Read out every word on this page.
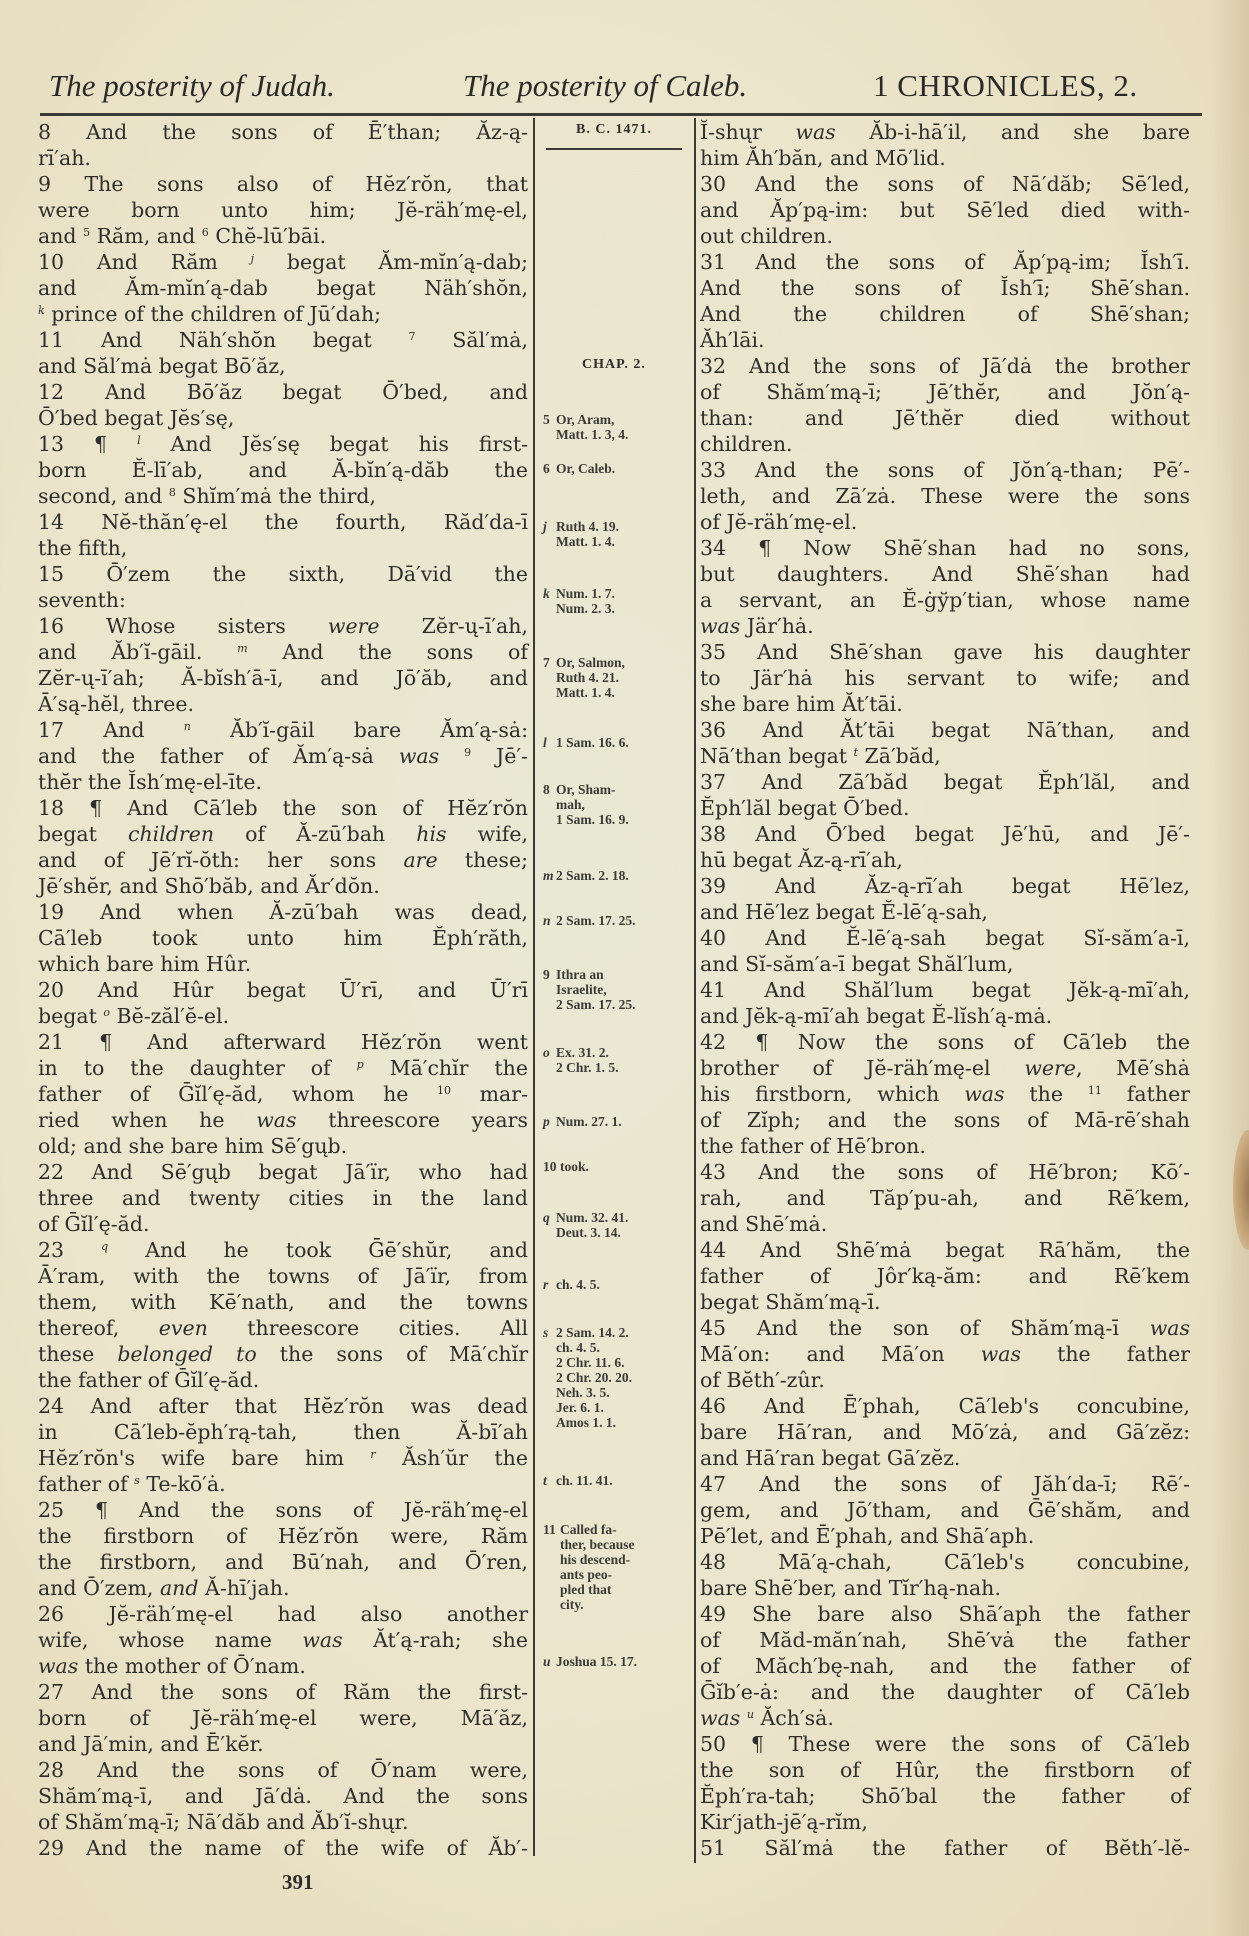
The posterity of Judah.	The posterity of Caleb.	1 CHRONICLES, 2.
8 And the sons of Ē′than; Ăz-ą-
rī′ah.
9 The sons also of Hĕz′rŏn, that
were born unto him; Jĕ-räh′mę-el,
and $^5$ Răm, and $^6$ Chĕ-lū′bāi.
10 And Răm $^j$ begat Ăm-mĭn′ą-dab;
and Ăm-mĭn′ą-dab begat Näh′shŏn,
$^k$ prince of the children of Jū′dah;
11 And Näh′shŏn begat $^7$ Săl′mȧ,
and Săl′mȧ begat Bō′ăz,
12 And Bō′ăz begat Ō′bed, and
Ō′bed begat Jĕs′sę,
13 ¶ $^l$ And Jĕs′sę begat his first-
born Ĕ-lī′ab, and Ă-bĭn′ą-dăb the
second, and $^8$ Shĭm′mȧ the third,
14 Nĕ-thăn′ę-el the fourth, Răd′da-ī
the fifth,
15 Ō′zem the sixth, Dā′vid the
seventh:
16 Whose sisters were Zĕr-ų-ī′ah,
and Ăb′ĭ-gāil. $^m$ And the sons of
Zĕr-ų-ī′ah; Ă-bĭsh′ā-ī, and Jō′ăb, and
Ā′są-hĕl, three.
17 And $^n$ Ăb′ĭ-gāil bare Ăm′ą-sȧ:
and the father of Ăm′ą-sȧ was $^9$ Jē′-
thĕr the Ĭsh′mę-el-īte.
18 ¶ And Cā′leb the son of Hĕz′rŏn
begat children of Ă-zū′bah his wife,
and of Jē′rĭ-ŏth: her sons are these;
Jē′shĕr, and Shō′băb, and Ăr′dŏn.
19 And when Ă-zū′bah was dead,
Cā′leb took unto him Ĕph′răth,
which bare him Hûr.
20 And Hûr begat Ū′rī, and Ū′rī
begat $^o$ Bĕ-zăl′ĕ-el.
21 ¶ And afterward Hĕz′rŏn went
in to the daughter of $^p$ Mā′chĭr the
father of Ḡĭl′ę-ăd, whom he $^{10}$ mar-
ried when he was threescore years
old; and she bare him Sē′gųb.
22 And Sē′gųb begat Jā′ïr, who had
three and twenty cities in the land
of Ḡĭl′ę-ăd.
23 $^q$ And he took Ḡē′shŭr, and
Ā′ram, with the towns of Jā′ïr, from
them, with Kē′nath, and the towns
thereof, even threescore cities. All
these belonged to the sons of Mā′chĭr
the father of Ḡĭl′ę-ăd.
24 And after that Hĕz′rŏn was dead
in Cā′leb-ĕph′rą-tah, then Ă-bī′ah
Hĕz′rŏn's wife bare him $^r$ Ăsh′ŭr the
father of $^s$ Te-kō′ȧ.
25 ¶ And the sons of Jĕ-räh′mę-el
the firstborn of Hĕz′rŏn were, Răm
the firstborn, and Bū′nah, and Ō′ren,
and Ō′zem, and Ă-hī′jah.
26 Jĕ-räh′mę-el had also another
wife, whose name was Ăt′ą-rah; she
was the mother of Ō′nam.
27 And the sons of Răm the first-
born of Jĕ-räh′mę-el were, Mā′ăz,
and Jā′min, and Ē′kĕr.
28 And the sons of Ō′nam were,
Shăm′mą-ī, and Jā′dȧ. And the sons
of Shăm′mą-ī; Nā′dăb and Ăb′ĭ-shųr.
29 And the name of the wife of Ăb′-
B. C. 1471.
CHAP. 2.
5 Or, Aram,
Matt. 1. 3, 4.
6 Or, Caleb.
j Ruth 4. 19.
Matt. 1. 4.
k Num. 1. 7.
Num. 2. 3.
7 Or, Salmon,
Ruth 4. 21.
Matt. 1. 4.
l 1 Sam. 16. 6.
8 Or, Sham-
mah,
1 Sam. 16. 9.
m 2 Sam. 2. 18.
n 2 Sam. 17. 25.
9 Ithra an
Israelite,
2 Sam. 17. 25.
o Ex. 31. 2.
2 Chr. 1. 5.
p Num. 27. 1.
10 took.
q Num. 32. 41.
Deut. 3. 14.
r ch. 4. 5.
s 2 Sam. 14. 2.
ch. 4. 5.
2 Chr. 11. 6.
2 Chr. 20. 20.
Neh. 3. 5.
Jer. 6. 1.
Amos 1. 1.
t ch. 11. 41.
11 Called fa-
ther, because
his descend-
ants peo-
pled that
city.
u Joshua 15. 17.
Ĭ-shųr was Ăb-i-hā′il, and she bare
him Ăh′băn, and Mō′lid.
30 And the sons of Nā′dăb; Sē′led,
and Ăp′pą-im: but Sē′led died with-
out children.
31 And the sons of Ăp′pą-im; Ĭsh′ī.
And the sons of Ĭsh′ī; Shē′shan.
And the children of Shē′shan;
Ăh′lāi.
32 And the sons of Jā′dȧ the brother
of Shăm′mą-ī; Jē′thĕr, and Jŏn′ą-
than: and Jē′thĕr died without
children.
33 And the sons of Jŏn′ą-than; Pē′-
leth, and Zā′zȧ. These were the sons
of Jĕ-räh′mę-el.
34 ¶ Now Shē′shan had no sons,
but daughters. And Shē′shan had
a servant, an Ĕ-ġўp′tian, whose name
was Jär′hȧ.
35 And Shē′shan gave his daughter
to Jär′hȧ his servant to wife; and
she bare him Ăt′tāi.
36 And Ăt′tāi begat Nā′than, and
Nā′than begat $^t$ Zā′băd,
37 And Zā′băd begat Ĕph′lăl, and
Ĕph′lăl begat Ō′bed.
38 And Ō′bed begat Jē′hū, and Jē′-
hū begat Ăz-ą-rī′ah,
39 And Ăz-ą-rī′ah begat Hē′lez,
and Hē′lez begat Ĕ-lē′ą-sah,
40 And Ĕ-lē′ą-sah begat Sĭ-săm′a-ī,
and Sĭ-săm′a-ī begat Shăl′lum,
41 And Shăl′lum begat Jĕk-ą-mī′ah,
and Jĕk-ą-mī′ah begat Ĕ-lĭsh′ą-mȧ.
42 ¶ Now the sons of Cā′leb the
brother of Jĕ-räh′mę-el were, Mē′shȧ
his firstborn, which was the $^{11}$ father
of Zĭph; and the sons of Mā-rē′shah
the father of Hē′bron.
43 And the sons of Hē′bron; Kō′-
rah, and Tăp′pu-ah, and Rē′kem,
and Shē′mȧ.
44 And Shē′mȧ begat Rā′hăm, the
father of Jôr′ką-ăm: and Rē′kem
begat Shăm′mą-ī.
45 And the son of Shăm′mą-ī was
Mā′on: and Mā′on was the father
of Bĕth′-zûr.
46 And Ē′phah, Cā′leb's concubine,
bare Hā′ran, and Mō′zȧ, and Gā′zĕz:
and Hā′ran begat Gā′zĕz.
47 And the sons of Jăh′da-ī; Rē′-
gem, and Jō′tham, and Ḡē′shăm, and
Pē′let, and Ē′phah, and Shā′aph.
48 Mā′ą-chah, Cā′leb's concubine,
bare Shē′ber, and Tĭr′hą-nah.
49 She bare also Shā′aph the father
of Măd-măn′nah, Shē′vȧ the father
of Măch′bę-nah, and the father of
Ḡĭb′e-ȧ: and the daughter of Cā′leb
was $^u$ Ăch′sȧ.
50 ¶ These were the sons of Cā′leb
the son of Hûr, the firstborn of
Ĕph′ra-tah; Shō′bal the father of
Kir′jath-jē′ą-rĭm,
51 Săl′mȧ the father of Bĕth′-lĕ-
391
